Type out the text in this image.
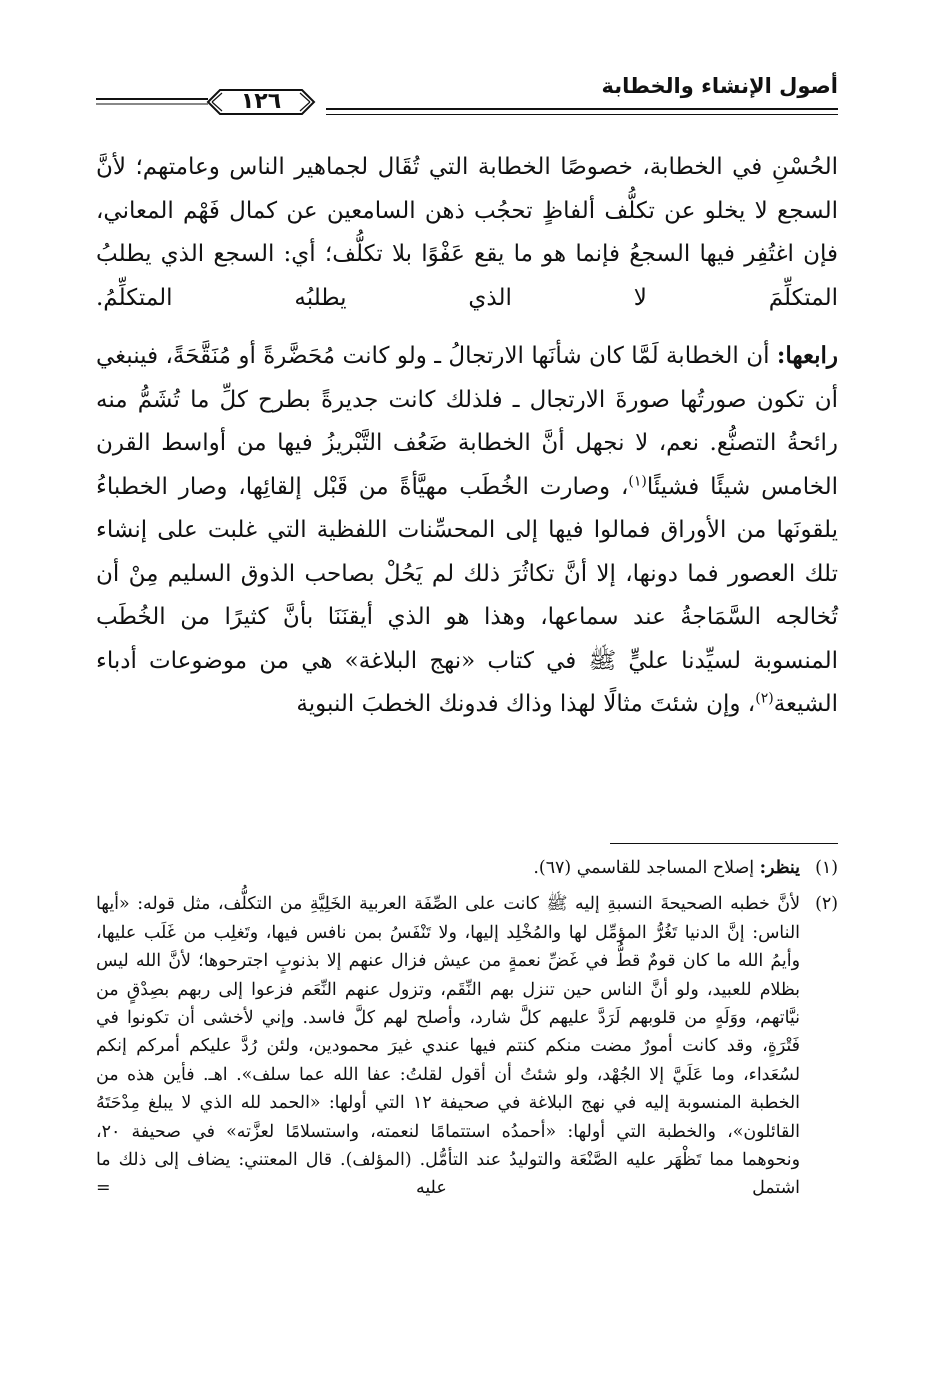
أصول الإنشاء والخطابة
١٢٦

الحُسْنِ في الخطابة، خصوصًا الخطابة التي تُقَال لجماهير الناس وعامتهم؛ لأنَّ السجع لا يخلو عن تكلُّف ألفاظٍ تحجُب ذهن السامعين عن كمال فَهْم المعاني، فإن اغتُفِر فيها السجعُ فإنما هو ما يقع عَفْوًا بلا تكلُّف؛ أي: السجع الذي يطلبُ المتكلِّمَ لا الذي يطلبُه المتكلِّمُ.

رابعها: أن الخطابة لَمَّا كان شأنَها الارتجالُ ـ ولو كانت مُحَضَّرةً أو مُنَقَّحَةً، فينبغي أن تكون صورتُها صورةَ الارتجال ـ فلذلك كانت جديرةً بطرح كلِّ ما تُشَمُّ منه رائحةُ التصنُّع. نعم، لا نجهل أنَّ الخطابة ضَعُف التَّبْريزُ فيها من أواسط القرن الخامس شيئًا فشيئًا$^{(١)}$، وصارت الخُطَب مهيَّأةً من قَبْل إلقائِها، وصار الخطباءُ يلقونَها من الأوراق فمالوا فيها إلى المحسِّنات اللفظية التي غلبت على إنشاء تلك العصور فما دونها، إلا أنَّ تكاثُرَ ذلك لم يَحُلْ بصاحب الذوق السليم مِنْ أن تُخالجه السَّمَاجةُ عند سماعها، وهذا هو الذي أيقنَنَا بأنَّ كثيرًا من الخُطَب المنسوبة لسيِّدنا عليٍّ ﷺ في كتاب «نهج البلاغة» هي من موضوعات أدباء الشيعة$^{(٢)}$، وإن شئتَ مثالًا لهذا وذاك فدونك الخطبَ النبوية

(١)
ينظر: إصلاح المساجد للقاسمي (٦٧).
(٢)
لأنَّ خطبه الصحيحةَ النسبةِ إليه ﷺ كانت على الصِّفَة العربية الخَلِيَّةِ من التكلُّف، مثل قوله: «أيها الناس: إنَّ الدنيا تَغُرُّ المؤمِّل لها والمُخْلِد إليها، ولا تَنْفَسُ بمن نافس فيها، وتَغلِب من غَلَب عليها، وأيمُ الله ما كان قومٌ قطُّ في غَضِّ نعمةٍ من عيش فزال عنهم إلا بذنوبٍ اجترحوها؛ لأنَّ الله ليس بظلام للعبيد، ولو أنَّ الناس حين تنزل بهم النِّقَم، وتزول عنهم النِّعَم فزعوا إلى ربهم بصِدْقٍ من نيَّاتهم، ووَلَهٍ من قلوبهم لَرَدَّ عليهم كلَّ شارد، وأصلح لهم كلَّ فاسد. وإني لأخشى أن تكونوا في فَتْرَةٍ، وقد كانت أمورٌ مضت منكم كنتم فيها عندي غيرَ محمودين، ولئن رُدَّ عليكم أمركم إنكم لسُعَداء، وما عَلَيَّ إلا الجُهْد، ولو شئتُ أن أقول لقلتُ: عفا الله عما سلف». اهـ. فأين هذه من الخطبة المنسوبة إليه في نهج البلاغة في صحيفة ١٢ التي أولها: «الحمد لله الذي لا يبلغ مِدْحَتَهُ القائلون»، والخطبة التي أولها: «أحمدُه استتمامًا لنعمته، واستسلامًا لعزَّته» في صحيفة ٢٠، ونحوهما مما تَظْهَر عليه الصَّنْعَة والتوليدُ عند التأمُّل. (المؤلف). قال المعتني: يضاف إلى ذلك ما اشتمل عليه =
